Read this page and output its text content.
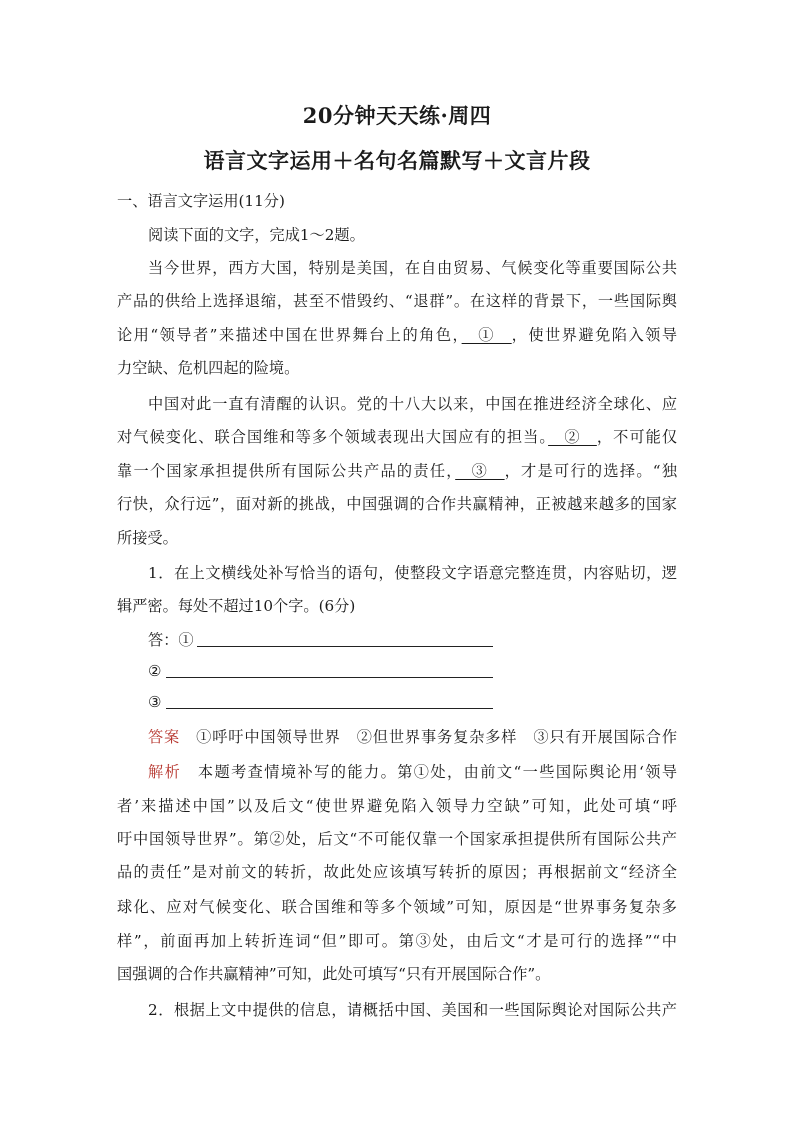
20分钟天天练·周四
语言文字运用＋名句名篇默写＋文言片段
一、语言文字运用(11分)
阅读下面的文字，完成1～2题。
当今世界，西方大国，特别是美国，在自由贸易、气候变化等重要国际公共
产品的供给上选择退缩，甚至不惜毁约、“退群”。在这样的背景下，一些国际舆
论用“领导者”来描述中国在世界舞台上的角色，　①　，使世界避免陷入领导
力空缺、危机四起的险境。
中国对此一直有清醒的认识。党的十八大以来，中国在推进经济全球化、应
对气候变化、联合国维和等多个领域表现出大国应有的担当。　②　，不可能仅
靠一个国家承担提供所有国际公共产品的责任，　③　，才是可行的选择。“独
行快，众行远”，面对新的挑战，中国强调的合作共赢精神，正被越来越多的国家
所接受。
1．在上文横线处补写恰当的语句，使整段文字语意完整连贯，内容贴切，逻
辑严密。每处不超过10个字。(6分)
答：①
②
③
答案　①呼吁中国领导世界　②但世界事务复杂多样　③只有开展国际合作
解析　本题考查情境补写的能力。第①处，由前文“一些国际舆论用‘领导
者’来描述中国”以及后文“使世界避免陷入领导力空缺”可知，此处可填“呼
吁中国领导世界”。第②处，后文“不可能仅靠一个国家承担提供所有国际公共产
品的责任”是对前文的转折，故此处应该填写转折的原因；再根据前文“经济全
球化、应对气候变化、联合国维和等多个领域”可知，原因是“世界事务复杂多
样”，前面再加上转折连词“但”即可。第③处，由后文“才是可行的选择”“中
国强调的合作共赢精神”可知，此处可填写“只有开展国际合作”。
2．根据上文中提供的信息，请概括中国、美国和一些国际舆论对国际公共产
